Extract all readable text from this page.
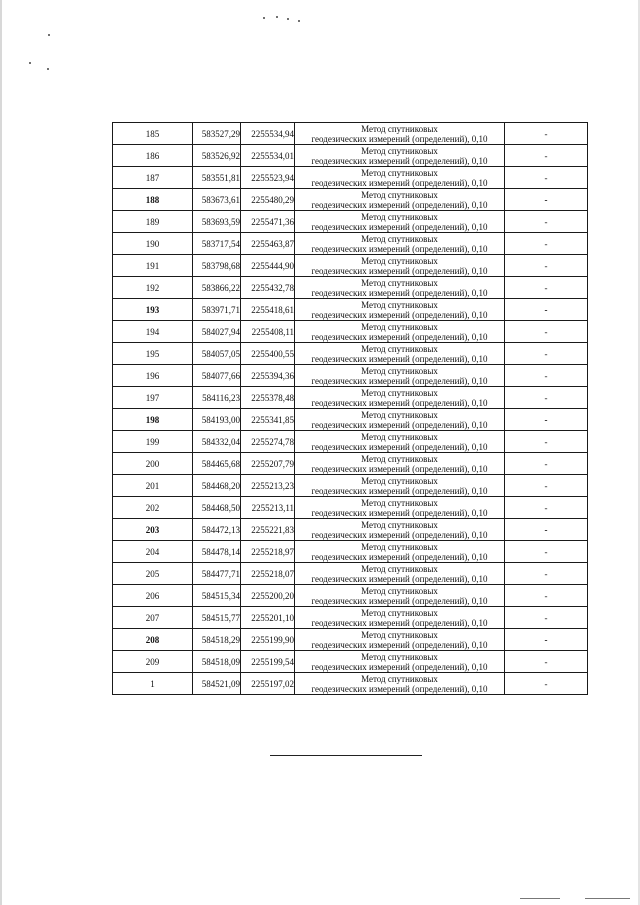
185	583527,29	2255534,94	Метод спутниковых
геодезических измерений (определений), 0,10	-
186	583526,92	2255534,01	Метод спутниковых
геодезических измерений (определений), 0,10	-
187	583551,81	2255523,94	Метод спутниковых
геодезических измерений (определений), 0,10	-
188	583673,61	2255480,29	Метод спутниковых
геодезических измерений (определений), 0,10	-
189	583693,59	2255471,36	Метод спутниковых
геодезических измерений (определений), 0,10	-
190	583717,54	2255463,87	Метод спутниковых
геодезических измерений (определений), 0,10	-
191	583798,68	2255444,90	Метод спутниковых
геодезических измерений (определений), 0,10	-
192	583866,22	2255432,78	Метод спутниковых
геодезических измерений (определений), 0,10	-
193	583971,71	2255418,61	Метод спутниковых
геодезических измерений (определений), 0,10	-
194	584027,94	2255408,11	Метод спутниковых
геодезических измерений (определений), 0,10	-
195	584057,05	2255400,55	Метод спутниковых
геодезических измерений (определений), 0,10	-
196	584077,66	2255394,36	Метод спутниковых
геодезических измерений (определений), 0,10	-
197	584116,23	2255378,48	Метод спутниковых
геодезических измерений (определений), 0,10	-
198	584193,00	2255341,85	Метод спутниковых
геодезических измерений (определений), 0,10	-
199	584332,04	2255274,78	Метод спутниковых
геодезических измерений (определений), 0,10	-
200	584465,68	2255207,79	Метод спутниковых
геодезических измерений (определений), 0,10	-
201	584468,20	2255213,23	Метод спутниковых
геодезических измерений (определений), 0,10	-
202	584468,50	2255213,11	Метод спутниковых
геодезических измерений (определений), 0,10	-
203	584472,13	2255221,83	Метод спутниковых
геодезических измерений (определений), 0,10	-
204	584478,14	2255218,97	Метод спутниковых
геодезических измерений (определений), 0,10	-
205	584477,71	2255218,07	Метод спутниковых
геодезических измерений (определений), 0,10	-
206	584515,34	2255200,20	Метод спутниковых
геодезических измерений (определений), 0,10	-
207	584515,77	2255201,10	Метод спутниковых
геодезических измерений (определений), 0,10	-
208	584518,29	2255199,90	Метод спутниковых
геодезических измерений (определений), 0,10	-
209	584518,09	2255199,54	Метод спутниковых
геодезических измерений (определений), 0,10	-
1	584521,09	2255197,02	Метод спутниковых
геодезических измерений (определений), 0,10	-
